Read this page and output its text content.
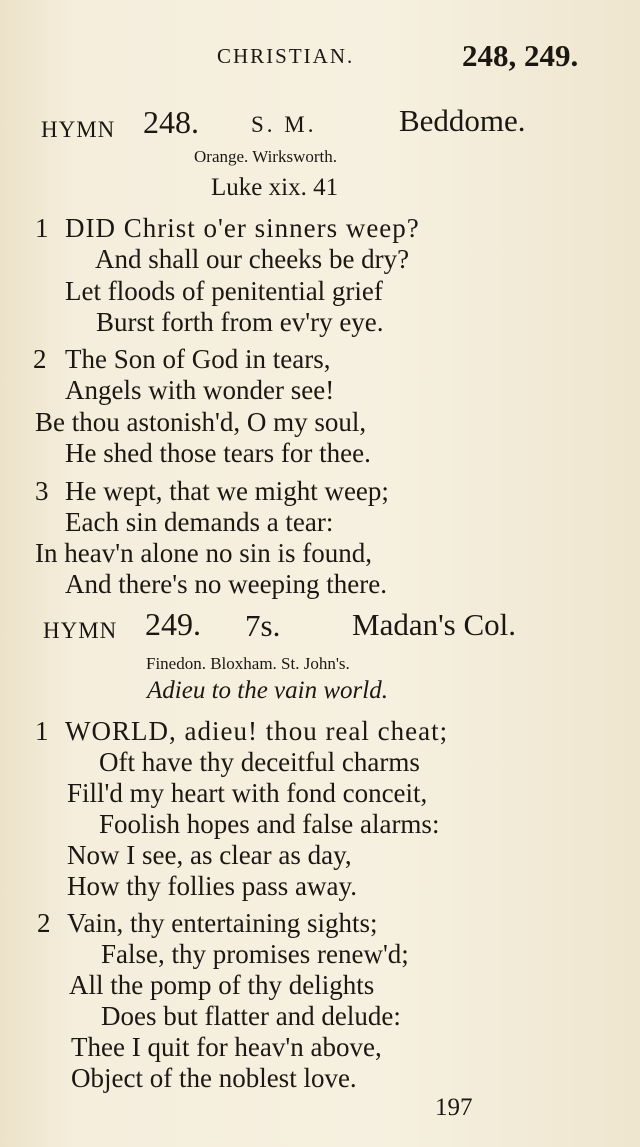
CHRISTIAN.	248, 249.
HYMN 248. S. M.	Beddome.
Orange. Wirksworth.
Luke xix. 41
1 DID Christ o'er sinners weep?
And shall our cheeks be dry?
Let floods of penitential grief
Burst forth from ev'ry eye.
2 The Son of God in tears,
Angels with wonder see!
Be thou astonish'd, O my soul,
He shed those tears for thee.
3 He wept, that we might weep;
Each sin demands a tear:
In heav'n alone no sin is found,
And there's no weeping there.
HYMN 249. 7s. Madan's Col.
Finedon. Bloxham. St. John's.
Adieu to the vain world.
1 WORLD, adieu! thou real cheat;
Oft have thy deceitful charms
Fill'd my heart with fond conceit,
Foolish hopes and false alarms:
Now I see, as clear as day,
How thy follies pass away.
2 Vain, thy entertaining sights;
False, thy promises renew'd;
All the pomp of thy delights
Does but flatter and delude:
Thee I quit for heav'n above,
Object of the noblest love.
197
